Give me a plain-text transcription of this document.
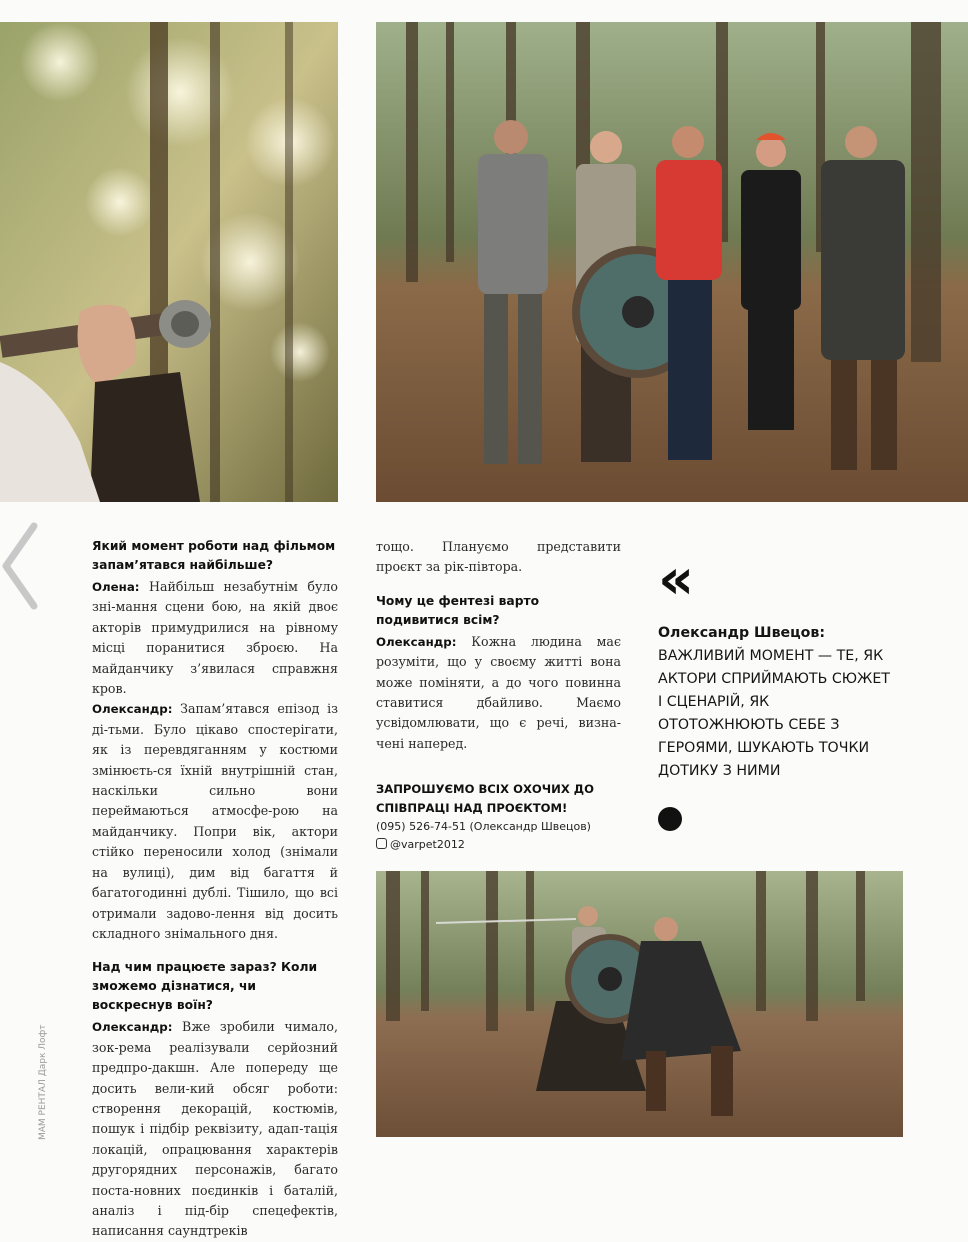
Який момент роботи над фільмом запам’ятався найбільше?

Олена: Найбільш незабутнім було зні-мання сцени бою, на якій двоє акторів примудрилися на рівному місці поранитися зброєю. На майданчику з’явилася справжня кров.

Олександр: Запам’ятався епізод із ді-тьми. Було цікаво спостерігати, як із перевдяганням у костюми змінюєть-ся їхній внутрішній стан, наскільки сильно вони переймаються атмосфе-рою на майданчику. Попри вік, актори стійко переносили холод (знімали на вулиці), дим від багаття й багатогодинні дублі. Тішило, що всі отримали задово-лення від досить складного знімального дня.

Над чим працюєте зараз? Коли зможемо дізнатися, чи воскреснув воїн?

Олександр: Вже зробили чимало, зок-рема реалізували серйозний предпро-дакшн. Але попереду ще досить вели-кий обсяг роботи: створення декорацій, костюмів, пошук і підбір реквізиту, адап-тація локацій, опрацювання характерів другорядних персонажів, багато поста-новних поєдинків і баталій, аналіз і під-бір спецефектів, написання саундтреків

тощо. Плануємо представити проєкт за рік-півтора.

Чому це фентезі варто подивитися всім?

Олександр: Кожна людина має розуміти, що у своєму житті вона може поміняти, а до чого повинна ставитися дбайливо. Маємо усвідомлювати, що є речі, визна-чені наперед.

ЗАПРОШУЄМО ВСІХ ОХОЧИХ ДО СПІВПРАЦІ НАД ПРОЄКТОМ!

(095) 526-74-51 (Олександр Швецов)

@varpet2012

«

Олександр Швецов: ВАЖЛИВИЙ МОМЕНТ — ТЕ, ЯК АКТОРИ СПРИЙМАЮТЬ СЮЖЕТ І СЦЕНАРІЙ, ЯК ОТОТОЖНЮЮТЬ СЕБЕ З ГЕРОЯМИ, ШУКАЮТЬ ТОЧКИ ДОТИКУ З НИМИ

МАМ РЕНТАЛ Дарк Лофт
